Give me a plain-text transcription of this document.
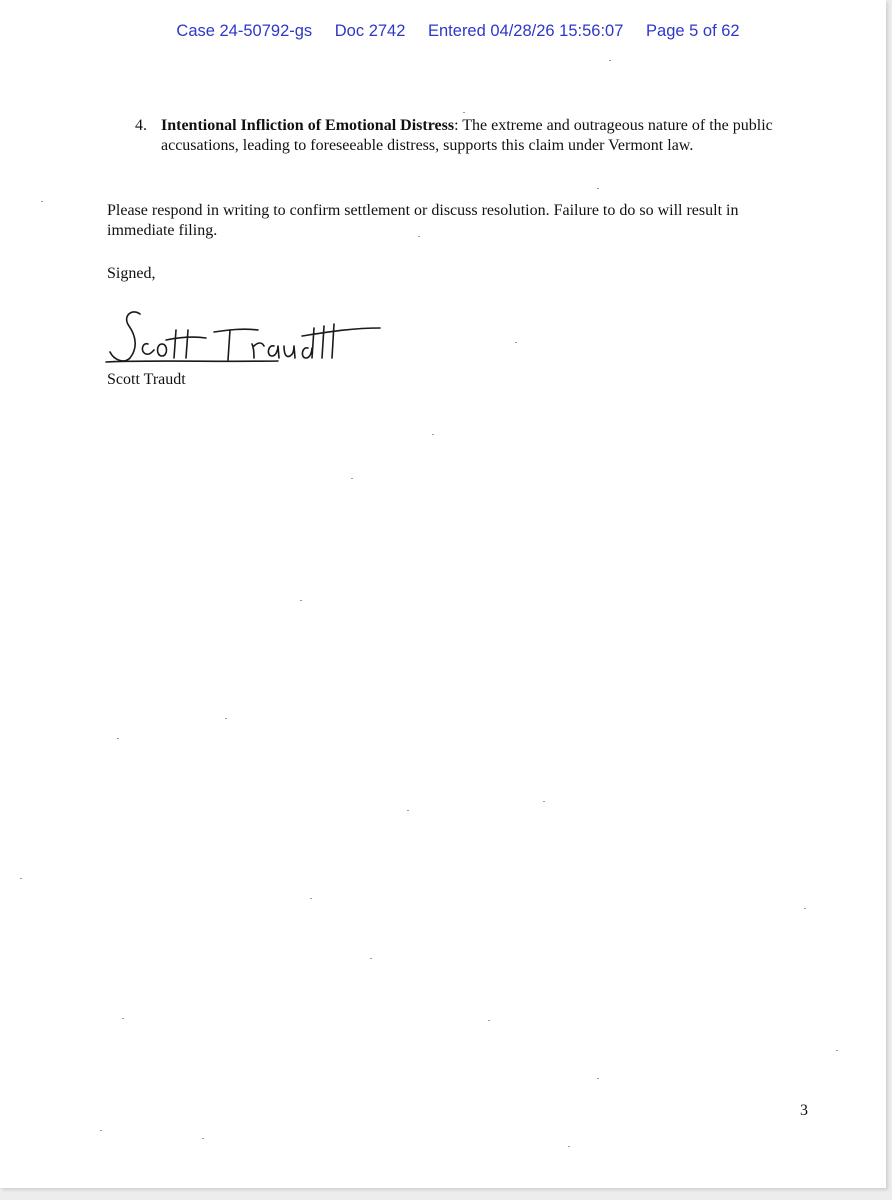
Case 24-50792-gs Doc 2742 Entered 04/28/26 15:56:07 Page 5 of 62
4. Intentional Infliction of Emotional Distress: The extreme and outrageous nature of the public accusations, leading to foreseeable distress, supports this claim under Vermont law.
Please respond in writing to confirm settlement or discuss resolution. Failure to do so will result in immediate filing.
Signed,
Scott Traudt
3
